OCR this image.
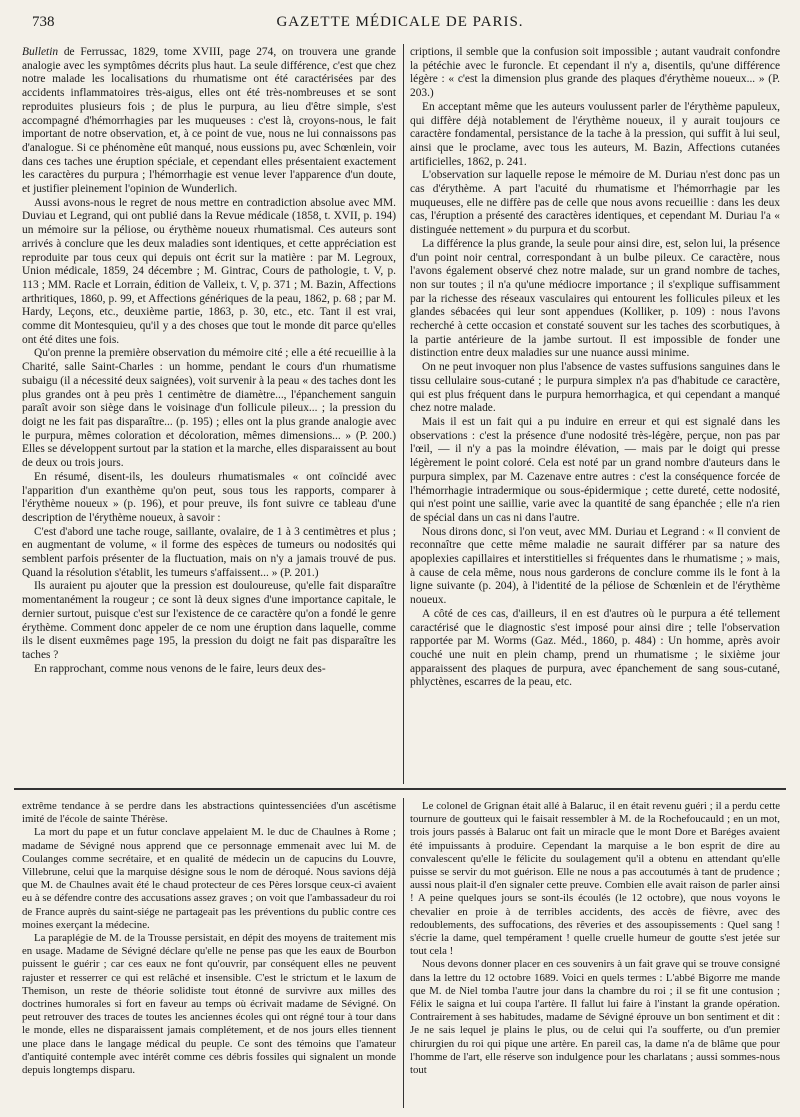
738	GAZETTE MÉDICALE DE PARIS.

Bulletin de Ferrussac, 1829, tome XVIII, page 274, on trouvera une grande analogie avec les symptômes décrits plus haut. La seule différence, c'est que chez notre malade les localisations du rhumatisme ont été caractérisées par des accidents inflammatoires très-aigus, elles ont été très-nombreuses et se sont reproduites plusieurs fois ; de plus le purpura, au lieu d'être simple, s'est accompagné d'hémorrhagies par les muqueuses : c'est là, croyons-nous, le fait important de notre observation, et, à ce point de vue, nous ne lui connaissons pas d'analogue. Si ce phénomène eût manqué, nous eussions pu, avec Schœnlein, voir dans ces taches une éruption spéciale, et cependant elles présentaient exactement les caractères du purpura ; l'hémorrhagie est venue lever l'apparence d'un doute, et justifier pleinement l'opinion de Wunderlich.

Aussi avons-nous le regret de nous mettre en contradiction absolue avec MM. Duviau et Legrand, qui ont publié dans la Revue médicale (1858, t. XVII, p. 194) un mémoire sur la péliose, ou érythème noueux rhumatismal. Ces auteurs sont arrivés à conclure que les deux maladies sont identiques, et cette appréciation est reproduite par tous ceux qui depuis ont écrit sur la matière : par M. Legroux, Union médicale, 1859, 24 décembre ; M. Gintrac, Cours de pathologie, t. V, p. 113 ; MM. Racle et Lorrain, édition de Valleix, t. V, p. 371 ; M. Bazin, Affections arthritiques, 1860, p. 99, et Affections génériques de la peau, 1862, p. 68 ; par M. Hardy, Leçons, etc., deuxième partie, 1863, p. 30, etc., etc. Tant il est vrai, comme dit Montesquieu, qu'il y a des choses que tout le monde dit parce qu'elles ont été dites une fois.

Qu'on prenne la première observation du mémoire cité ; elle a été recueillie à la Charité, salle Saint-Charles : un homme, pendant le cours d'un rhumatisme subaigu (il a nécessité deux saignées), voit survenir à la peau « des taches dont les plus grandes ont à peu près 1 centimètre de diamètre..., l'épanchement sanguin paraît avoir son siège dans le voisinage d'un follicule pileux... ; la pression du doigt ne les fait pas disparaître... (p. 195) ; elles ont la plus grande analogie avec le purpura, mêmes coloration et décoloration, mêmes dimensions... » (P. 200.) Elles se développent surtout par la station et la marche, elles disparaissent au bout de deux ou trois jours.

En résumé, disent-ils, les douleurs rhumatismales « ont coïncidé avec l'apparition d'un exanthème qu'on peut, sous tous les rapports, comparer à l'érythème noueux » (p. 196), et pour preuve, ils font suivre ce tableau d'une description de l'érythème noueux, à savoir :

C'est d'abord une tache rouge, saillante, ovalaire, de 1 à 3 centimètres et plus ; en augmentant de volume, « il forme des espèces de tumeurs ou nodosités qui semblent parfois présenter de la fluctuation, mais on n'y a jamais trouvé de pus. Quand la résolution s'établit, les tumeurs s'affaissent... » (P. 201.)

Ils auraient pu ajouter que la pression est douloureuse, qu'elle fait disparaître momentanément la rougeur ; ce sont là deux signes d'une importance capitale, le dernier surtout, puisque c'est sur l'existence de ce caractère qu'on a fondé le genre érythème. Comment donc appeler de ce nom une éruption dans laquelle, comme ils le disent euxmêmes page 195, la pression du doigt ne fait pas disparaître les taches ?

En rapprochant, comme nous venons de le faire, leurs deux des-

criptions, il semble que la confusion soit impossible ; autant vaudrait confondre la pétéchie avec le furoncle. Et cependant il n'y a, disentils, qu'une différence légère : « c'est la dimension plus grande des plaques d'érythème noueux... » (P. 203.)

En acceptant même que les auteurs voulussent parler de l'érythème papuleux, qui diffère déjà notablement de l'érythème noueux, il y aurait toujours ce caractère fondamental, persistance de la tache à la pression, qui suffit à lui seul, ainsi que le proclame, avec tous les auteurs, M. Bazin, Affections cutanées artificielles, 1862, p. 241.

L'observation sur laquelle repose le mémoire de M. Duriau n'est donc pas un cas d'érythème. A part l'acuité du rhumatisme et l'hémorrhagie par les muqueuses, elle ne diffère pas de celle que nous avons recueillie : dans les deux cas, l'éruption a présenté des caractères identiques, et cependant M. Duriau l'a « distinguée nettement » du purpura et du scorbut.

La différence la plus grande, la seule pour ainsi dire, est, selon lui, la présence d'un point noir central, correspondant à un bulbe pileux. Ce caractère, nous l'avons également observé chez notre malade, sur un grand nombre de taches, non sur toutes ; il n'a qu'une médiocre importance ; il s'explique suffisamment par la richesse des réseaux vasculaires qui entourent les follicules pileux et les glandes sébacées qui leur sont appendues (Kolliker, p. 109) : nous l'avons recherché à cette occasion et constaté souvent sur les taches des scorbutiques, à la partie antérieure de la jambe surtout. Il est impossible de fonder une distinction entre deux maladies sur une nuance aussi minime.

On ne peut invoquer non plus l'absence de vastes suffusions sanguines dans le tissu cellulaire sous-cutané ; le purpura simplex n'a pas d'habitude ce caractère, qui est plus fréquent dans le purpura hemorrhagica, et qui cependant a manqué chez notre malade.

Mais il est un fait qui a pu induire en erreur et qui est signalé dans les observations : c'est la présence d'une nodosité très-légère, perçue, non pas par l'œil, — il n'y a pas la moindre élévation, — mais par le doigt qui presse légèrement le point coloré. Cela est noté par un grand nombre d'auteurs dans le purpura simplex, par M. Cazenave entre autres : c'est la conséquence forcée de l'hémorrhagie intradermique ou sous-épidermique ; cette dureté, cette nodosité, qui n'est point une saillie, varie avec la quantité de sang épanchée ; elle n'a rien de spécial dans un cas ni dans l'autre.

Nous dirons donc, si l'on veut, avec MM. Duriau et Legrand : « Il convient de reconnaître que cette même maladie ne saurait différer par sa nature des apoplexies capillaires et interstitielles si fréquentes dans le rhumatisme ; » mais, à cause de cela même, nous nous garderons de conclure comme ils le font à la ligne suivante (p. 204), à l'identité de la péliose de Schœnlein et de l'érythème noueux.

A côté de ces cas, d'ailleurs, il en est d'autres où le purpura a été tellement caractérisé que le diagnostic s'est imposé pour ainsi dire ; telle l'observation rapportée par M. Worms (Gaz. Méd., 1860, p. 484) : Un homme, après avoir couché une nuit en plein champ, prend un rhumatisme ; le sixième jour apparaissent des plaques de purpura, avec épanchement de sang sous-cutané, phlyctènes, escarres de la peau, etc.

extrême tendance à se perdre dans les abstractions quintessenciées d'un ascétisme imité de l'école de sainte Thérèse.

La mort du pape et un futur conclave appelaient M. le duc de Chaulnes à Rome ; madame de Sévigné nous apprend que ce personnage emmenait avec lui M. de Coulanges comme secrétaire, et en qualité de médecin un de capucins du Louvre, Villebrune, celui que la marquise désigne sous le nom de déroqué. Nous savions déjà que M. de Chaulnes avait été le chaud protecteur de ces Pères lorsque ceux-ci avaient eu à se défendre contre des accusations assez graves ; on voit que l'ambassadeur du roi de France auprès du saint-siége ne partageait pas les préventions du public contre ces moines exerçant la médecine.

La paraplégie de M. de la Trousse persistait, en dépit des moyens de traitement mis en usage. Madame de Sévigné déclare qu'elle ne pense pas que les eaux de Bourbon puissent le guérir ; car ces eaux ne font qu'ouvrir, par conséquent elles ne peuvent rajuster et resserrer ce qui est relâché et insensible. C'est le strictum et le laxum de Themison, un reste de théorie solidiste tout étonné de survivre aux milles des doctrines humorales si fort en faveur au temps où écrivait madame de Sévigné. On peut retrouver des traces de toutes les anciennes écoles qui ont régné tour à tour dans le monde, elles ne disparaissent jamais complétement, et de nos jours elles tiennent une place dans le langage médical du peuple. Ce sont des témoins que l'amateur d'antiquité contemple avec intérêt comme ces débris fossiles qui signalent un monde depuis longtemps disparu.

Le colonel de Grignan était allé à Balaruc, il en était revenu guéri ; il a perdu cette tournure de goutteux qui le faisait ressembler à M. de la Rochefoucauld ; en un mot, trois jours passés à Balaruc ont fait un miracle que le mont Dore et Baréges avaient été impuissants à produire. Cependant la marquise a le bon esprit de dire au convalescent qu'elle le félicite du soulagement qu'il a obtenu en attendant qu'elle puisse se servir du mot guérison. Elle ne nous a pas accoutumés à tant de prudence ; aussi nous plait-il d'en signaler cette preuve. Combien elle avait raison de parler ainsi ! A peine quelques jours se sont-ils écoulés (le 12 octobre), que nous voyons le chevalier en proie à de terribles accidents, des accès de fièvre, avec des redoublements, des suffocations, des rêveries et des assoupissements : Quel sang ! s'écrie la dame, quel tempérament ! quelle cruelle humeur de goutte s'est jetée sur tout cela !

Nous devons donner placer en ces souvenirs à un fait grave qui se trouve consigné dans la lettre du 12 octobre 1689. Voici en quels termes : L'abbé Bigorre me mande que M. de Niel tomba l'autre jour dans la chambre du roi ; il se fit une contusion ; Félix le saigna et lui coupa l'artère. Il fallut lui faire à l'instant la grande opération. Contrairement à ses habitudes, madame de Sévigné éprouve un bon sentiment et dit : Je ne sais lequel je plains le plus, ou de celui qui l'a soufferte, ou d'un premier chirurgien du roi qui pique une artère. En pareil cas, la dame n'a de blâme que pour l'homme de l'art, elle réserve son indulgence pour les charlatans ; aussi sommes-nous tout
